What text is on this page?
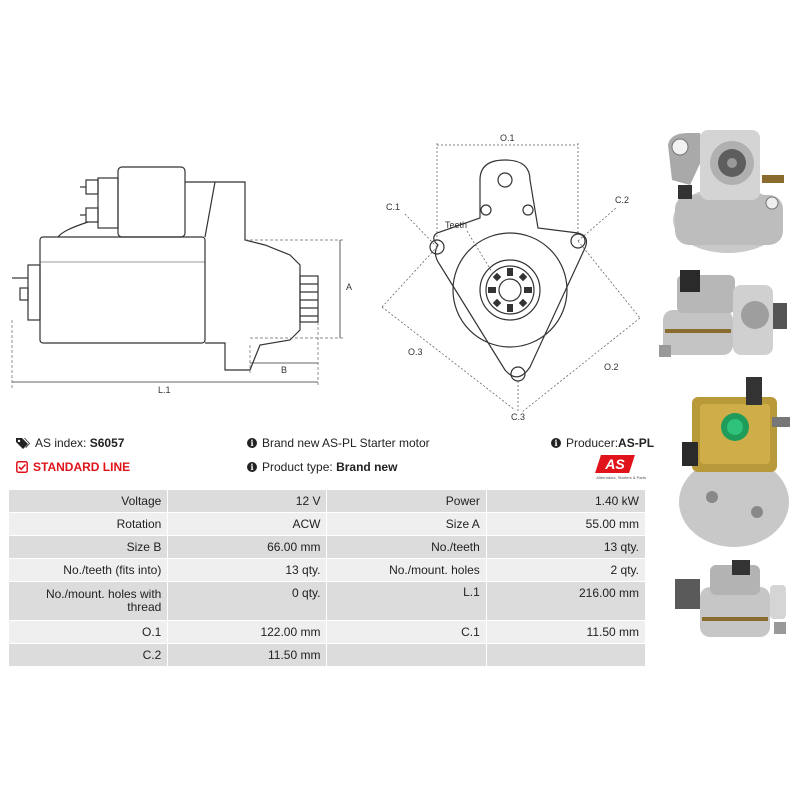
A
B
L.1
O.1
C.1
C.2
Teeth
O.3
O.2
C.3
AS index:
S6057
STANDARD LINE
i Brand new AS-PL Starter motor
i Product type:
Brand new
i Producer: AS-PL
AS
Alternators, Starters & Parts
Voltage	12 V	Power	1.40 kW
Rotation	ACW	Size A	55.00 mm
Size B	66.00 mm	No./teeth	13 qty.
No./teeth (fits into)	13 qty.	No./mount. holes	2 qty.
No./mount. holes with thread	0 qty.	L.1	216.00 mm
O.1	122.00 mm	C.1	11.50 mm
C.2	11.50 mm		
